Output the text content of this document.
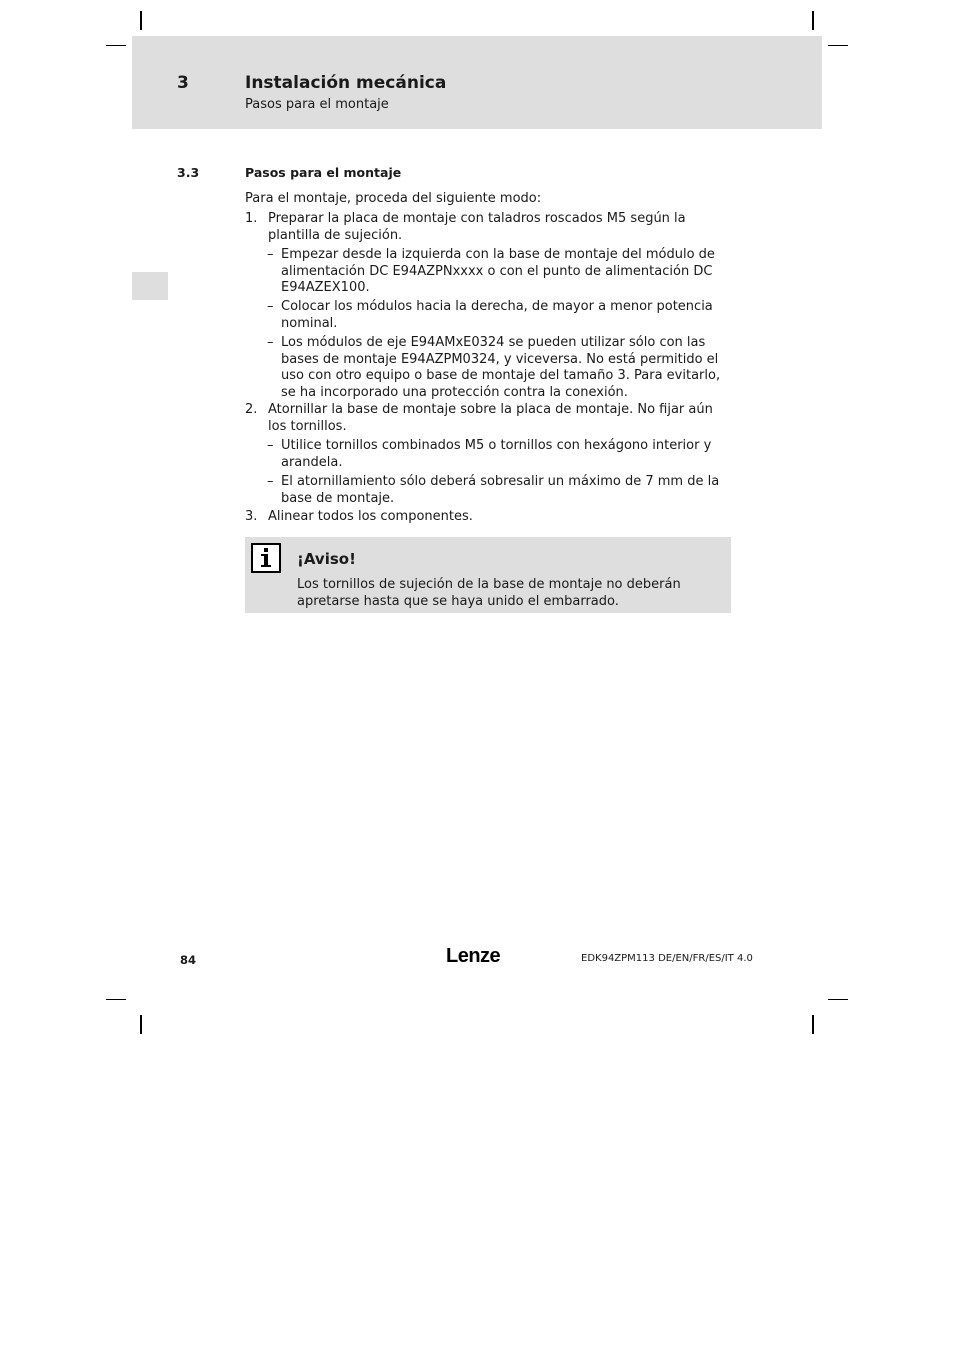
3	Instalación mecánica
Pasos para el montaje
3.3	Pasos para el montaje
Para el montaje, proceda del siguiente modo:
1. Preparar la placa de montaje con taladros roscados M5 según la plantilla de sujeción.
– Empezar desde la izquierda con la base de montaje del módulo de alimentación DC E94AZPNxxxx o con el punto de alimentación DC E94AZEX100.
– Colocar los módulos hacia la derecha, de mayor a menor potencia nominal.
– Los módulos de eje E94AMxE0324 se pueden utilizar sólo con las bases de montaje E94AZPM0324, y viceversa. No está permitido el uso con otro equipo o base de montaje del tamaño 3. Para evitarlo, se ha incorporado una protección contra la conexión.
2. Atornillar la base de montaje sobre la placa de montaje. No fijar aún los tornillos.
– Utilice tornillos combinados M5 o tornillos con hexágono interior y arandela.
– El atornillamiento sólo deberá sobresalir un máximo de 7 mm de la base de montaje.
3. Alinear todos los componentes.
¡Aviso!
Los tornillos de sujeción de la base de montaje no deberán apretarse hasta que se haya unido el embarrado.
84	Lenze	EDK94ZPM113 DE/EN/FR/ES/IT 4.0
